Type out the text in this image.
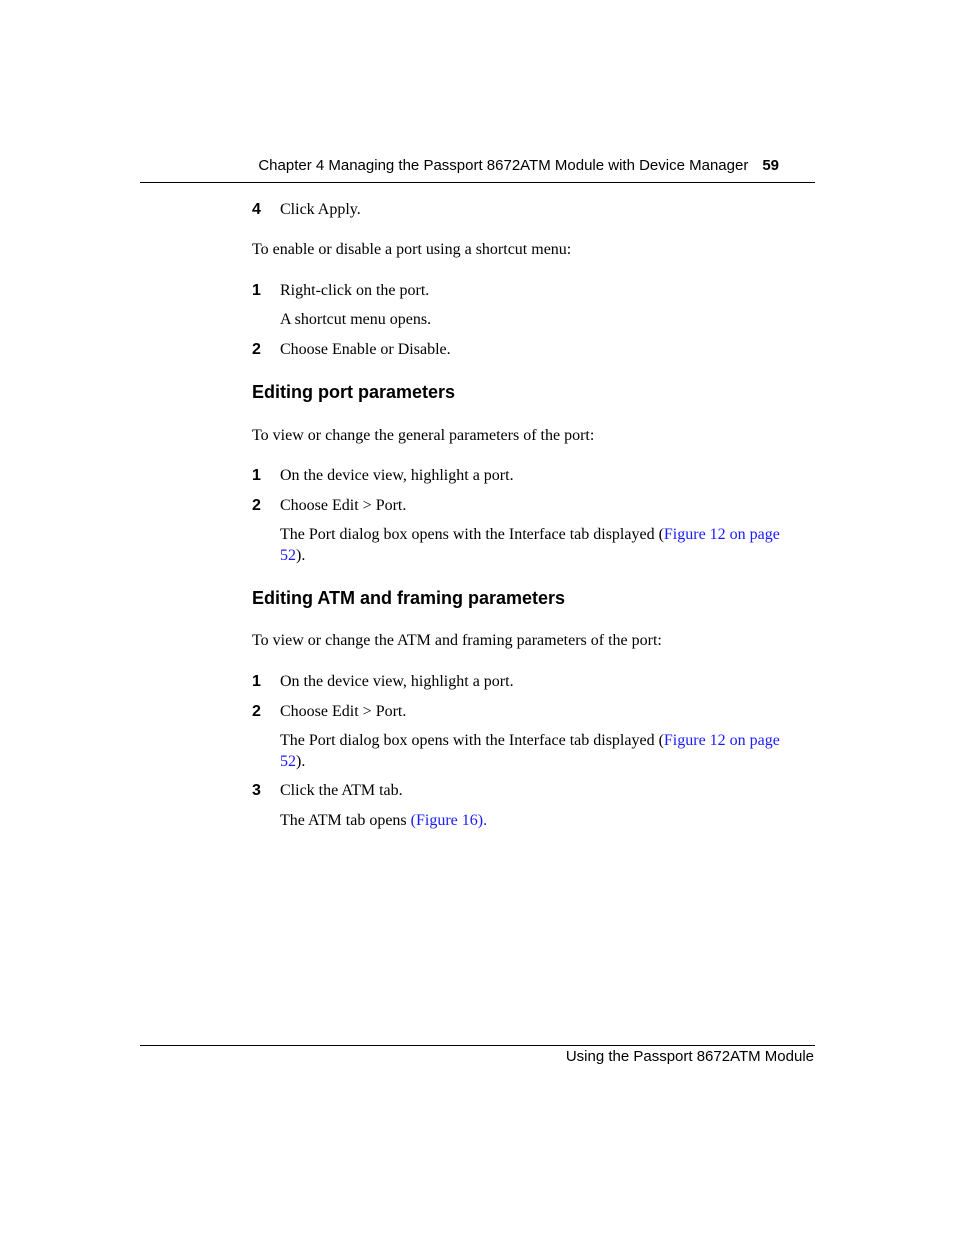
Chapter 4 Managing the Passport 8672ATM Module with Device Manager 59
4 Click Apply.
To enable or disable a port using a shortcut menu:
1 Right-click on the port.
A shortcut menu opens.
2 Choose Enable or Disable.
Editing port parameters
To view or change the general parameters of the port:
1 On the device view, highlight a port.
2 Choose Edit > Port.
The Port dialog box opens with the Interface tab displayed (Figure 12 on page 52).
Editing ATM and framing parameters
To view or change the ATM and framing parameters of the port:
1 On the device view, highlight a port.
2 Choose Edit > Port.
The Port dialog box opens with the Interface tab displayed (Figure 12 on page 52).
3 Click the ATM tab.
The ATM tab opens (Figure 16).
Using the Passport 8672ATM Module
